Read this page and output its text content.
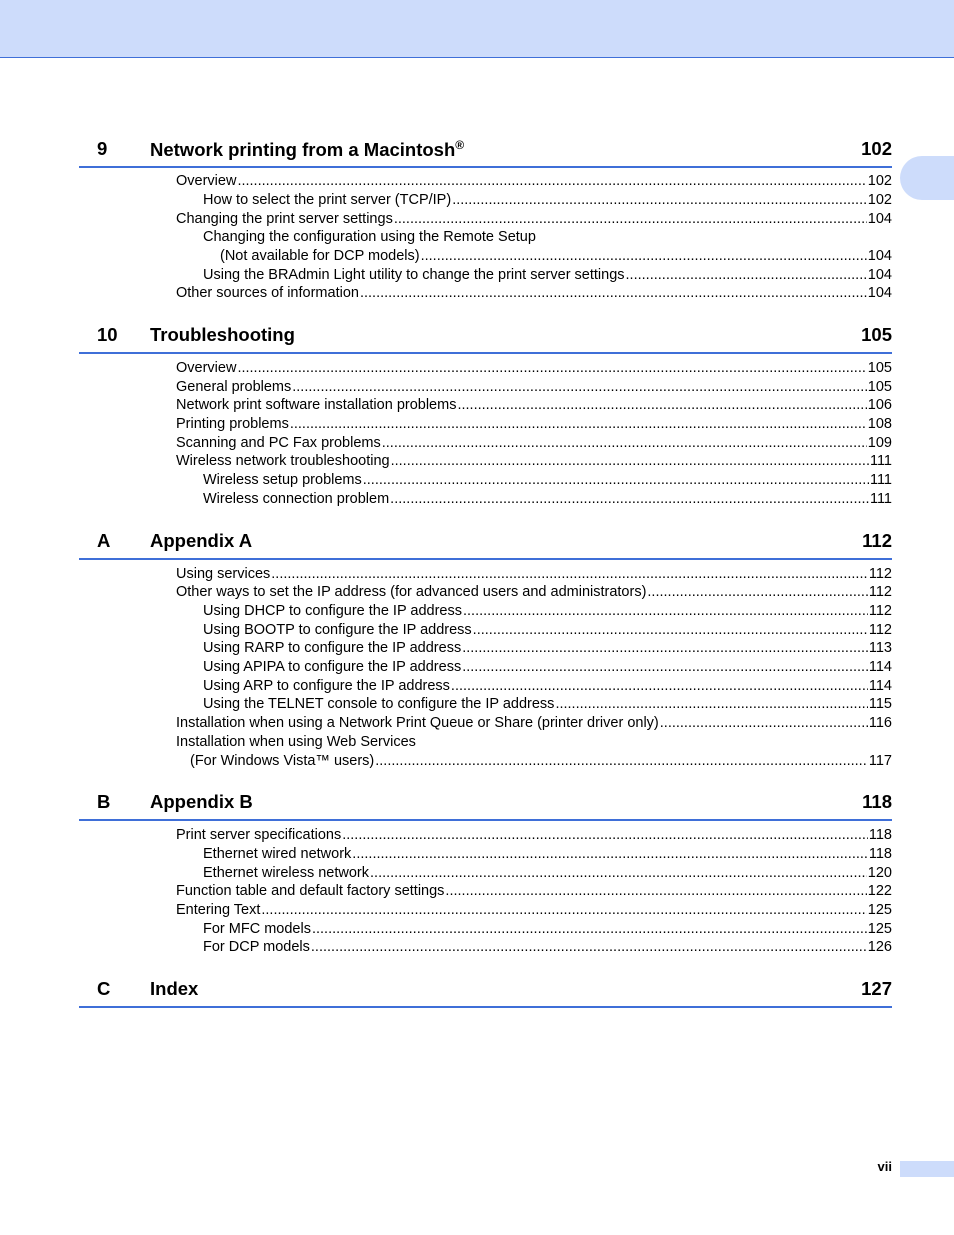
9 Network printing from a Macintosh®	102
Overview .....	102
How to select the print server (TCP/IP) .....	102
Changing the print server settings .....	104
Changing the configuration using the Remote Setup
(Not available for DCP models) .....	104
Using the BRAdmin Light utility to change the print server settings .....	104
Other sources of information .....	104
10 Troubleshooting	105
Overview .....	105
General problems .....	105
Network print software installation problems .....	106
Printing problems .....	108
Scanning and PC Fax problems .....	109
Wireless network troubleshooting .....	111
Wireless setup problems .....	111
Wireless connection problem .....	111
A Appendix A	112
Using services .....	112
Other ways to set the IP address (for advanced users and administrators) .....	112
Using DHCP to configure the IP address .....	112
Using BOOTP to configure the IP address .....	112
Using RARP to configure the IP address .....	113
Using APIPA to configure the IP address .....	114
Using ARP to configure the IP address .....	114
Using the TELNET console to configure the IP address .....	115
Installation when using a Network Print Queue or Share (printer driver only) .....	116
Installation when using Web Services
(For Windows Vista™ users) .....	117
B Appendix B	118
Print server specifications .....	118
Ethernet wired network .....	118
Ethernet wireless network .....	120
Function table and default factory settings .....	122
Entering Text .....	125
For MFC models .....	125
For DCP models .....	126
C Index	127
vii
